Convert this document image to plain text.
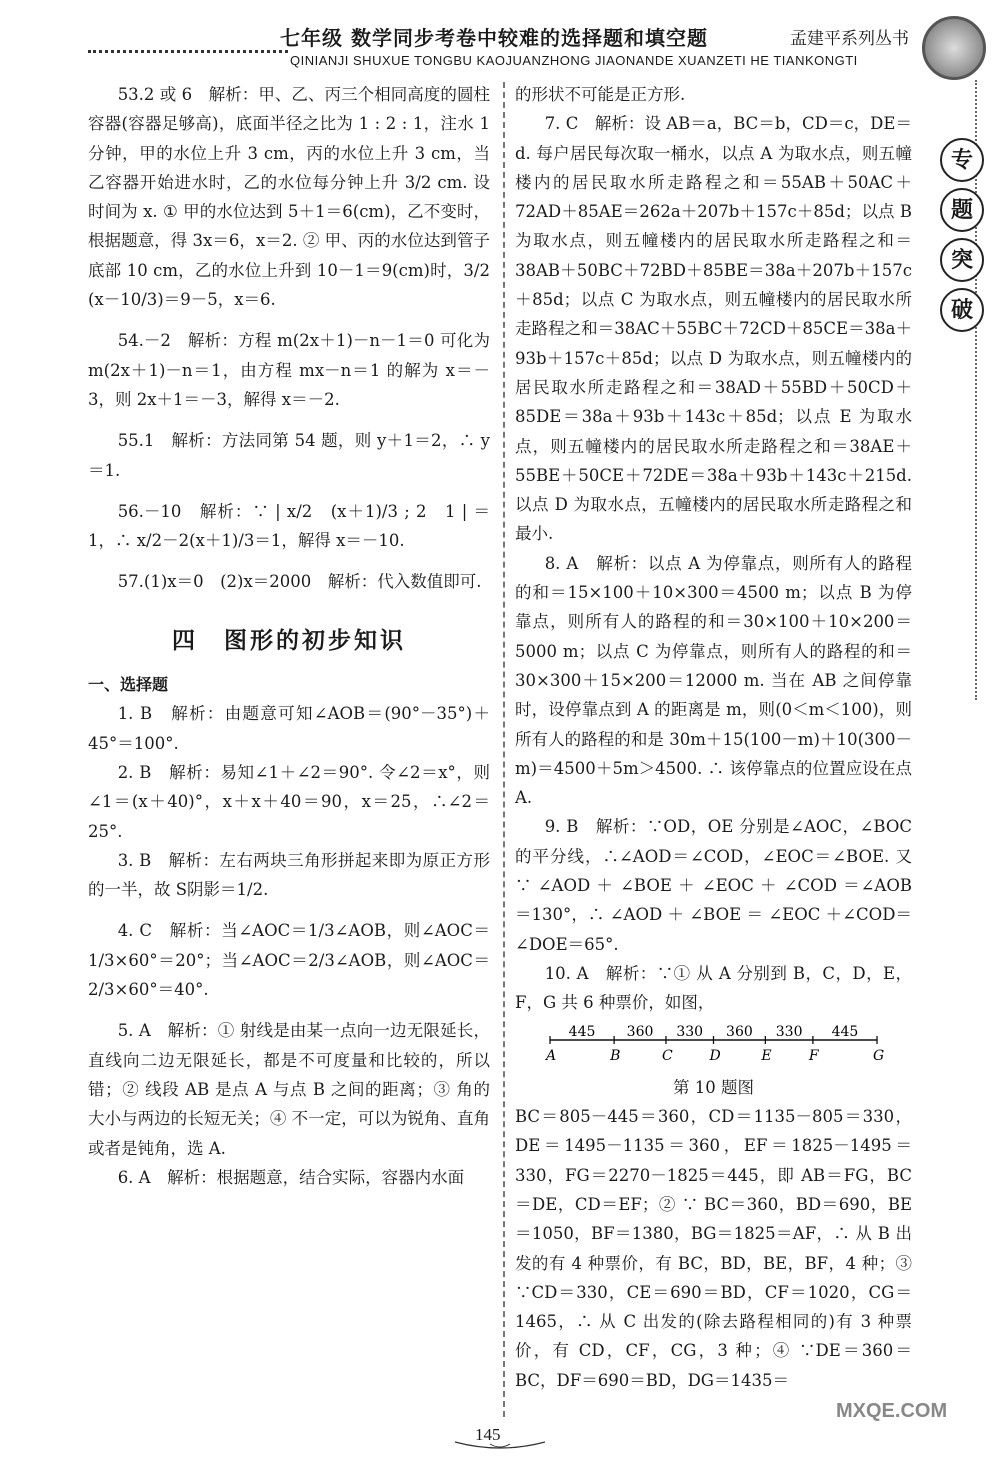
七年级 数学同步考卷中较难的选择题和填空题	孟建平系列丛书
QINIANJI SHUXUE TONGBU KAOJUANZHONG JIAONANDE XUANZETI HE TIANKONGTI
专
题
突
破

53.2 或 6　解析：甲、乙、丙三个相同高度的圆柱容器(容器足够高)，底面半径之比为 1 : 2 : 1，注水 1 分钟，甲的水位上升 3 cm，丙的水位上升 3 cm，当乙容器开始进水时，乙的水位每分钟上升 3/2 cm. 设时间为 x. ① 甲的水位达到 5＋1＝6(cm)，乙不变时，根据题意，得 3x＝6，x＝2. ② 甲、丙的水位达到管子底部 10 cm，乙的水位上升到 10－1＝9(cm)时，3/2 (x－10/3)＝9－5，x＝6.

54.－2　解析：方程 m(2x＋1)－n－1＝0 可化为 m(2x＋1)－n＝1，由方程 mx－n＝1 的解为 x＝－3，则 2x＋1＝－3，解得 x＝－2.

55.1　解析：方法同第 54 题，则 y＋1＝2，∴ y＝1.

56.－10　解析：∵ | x/2　(x＋1)/3 ; 2　1 | ＝1，∴ x/2－2(x＋1)/3＝1，解得 x＝－10.

57.(1)x＝0　(2)x＝2000　解析：代入数值即可.

四　图形的初步知识
一、选择题

1. B　解析：由题意可知∠AOB＝(90°－35°)＋45°＝100°.

2. B　解析：易知∠1＋∠2＝90°. 令∠2＝x°，则∠1＝(x＋40)°，x＋x＋40＝90，x＝25，∴∠2＝25°.

3. B　解析：左右两块三角形拼起来即为原正方形的一半，故 S阴影＝1/2.

4. C　解析：当∠AOC＝1/3∠AOB，则∠AOC＝1/3×60°＝20°；当∠AOC＝2/3∠AOB，则∠AOC＝2/3×60°＝40°.

5. A　解析：① 射线是由某一点向一边无限延长，直线向二边无限延长，都是不可度量和比较的，所以错；② 线段 AB 是点 A 与点 B 之间的距离；③ 角的大小与两边的长短无关；④ 不一定，可以为锐角、直角或者是钝角，选 A.

6. A　解析：根据题意，结合实际，容器内水面

的形状不可能是正方形.

7. C　解析：设 AB＝a，BC＝b，CD＝c，DE＝d. 每户居民每次取一桶水，以点 A 为取水点，则五幢楼内的居民取水所走路程之和＝55AB＋50AC＋72AD＋85AE＝262a＋207b＋157c＋85d；以点 B 为取水点，则五幢楼内的居民取水所走路程之和＝38AB＋50BC＋72BD＋85BE＝38a＋207b＋157c＋85d；以点 C 为取水点，则五幢楼内的居民取水所走路程之和＝38AC＋55BC＋72CD＋85CE＝38a＋93b＋157c＋85d；以点 D 为取水点，则五幢楼内的居民取水所走路程之和＝38AD＋55BD＋50CD＋85DE＝38a＋93b＋143c＋85d；以点 E 为取水点，则五幢楼内的居民取水所走路程之和＝38AE＋55BE＋50CE＋72DE＝38a＋93b＋143c＋215d. 以点 D 为取水点，五幢楼内的居民取水所走路程之和最小.

8. A　解析：以点 A 为停靠点，则所有人的路程的和＝15×100＋10×300＝4500 m；以点 B 为停靠点，则所有人的路程的和＝30×100＋10×200＝5000 m；以点 C 为停靠点，则所有人的路程的和＝30×300＋15×200＝12000 m. 当在 AB 之间停靠时，设停靠点到 A 的距离是 m，则(0＜m＜100)，则所有人的路程的和是 30m＋15(100－m)＋10(300－m)＝4500＋5m＞4500. ∴ 该停靠点的位置应设在点 A.

9. B　解析：∵OD，OE 分别是∠AOC，∠BOC 的平分线，∴∠AOD＝∠COD，∠EOC＝∠BOE. 又∵ ∠AOD ＋ ∠BOE ＋ ∠EOC ＋ ∠COD ＝∠AOB＝130°，∴ ∠AOD ＋ ∠BOE ＝ ∠EOC ＋∠COD＝∠DOE＝65°.

10. A　解析：∵① 从 A 分别到 B，C，D，E，F，G 共 6 种票价，如图，

A	B	C	D	E	F	G
445 360 330 360 330 445
第 10 题图

BC＝805－445＝360，CD＝1135－805＝330，DE＝1495－1135＝360，EF＝1825－1495＝330，FG＝2270－1825＝445，即 AB＝FG，BC＝DE，CD＝EF；② ∵ BC＝360，BD＝690，BE＝1050，BF＝1380，BG＝1825＝AF，∴ 从 B 出发的有 4 种票价，有 BC，BD，BE，BF，4 种；③ ∵CD＝330，CE＝690＝BD，CF＝1020，CG＝1465，∴ 从 C 出发的(除去路程相同的)有 3 种票价，有 CD，CF，CG，3 种；④ ∵DE＝360＝BC，DF＝690＝BD，DG＝1435＝

145
MXQE.COM
